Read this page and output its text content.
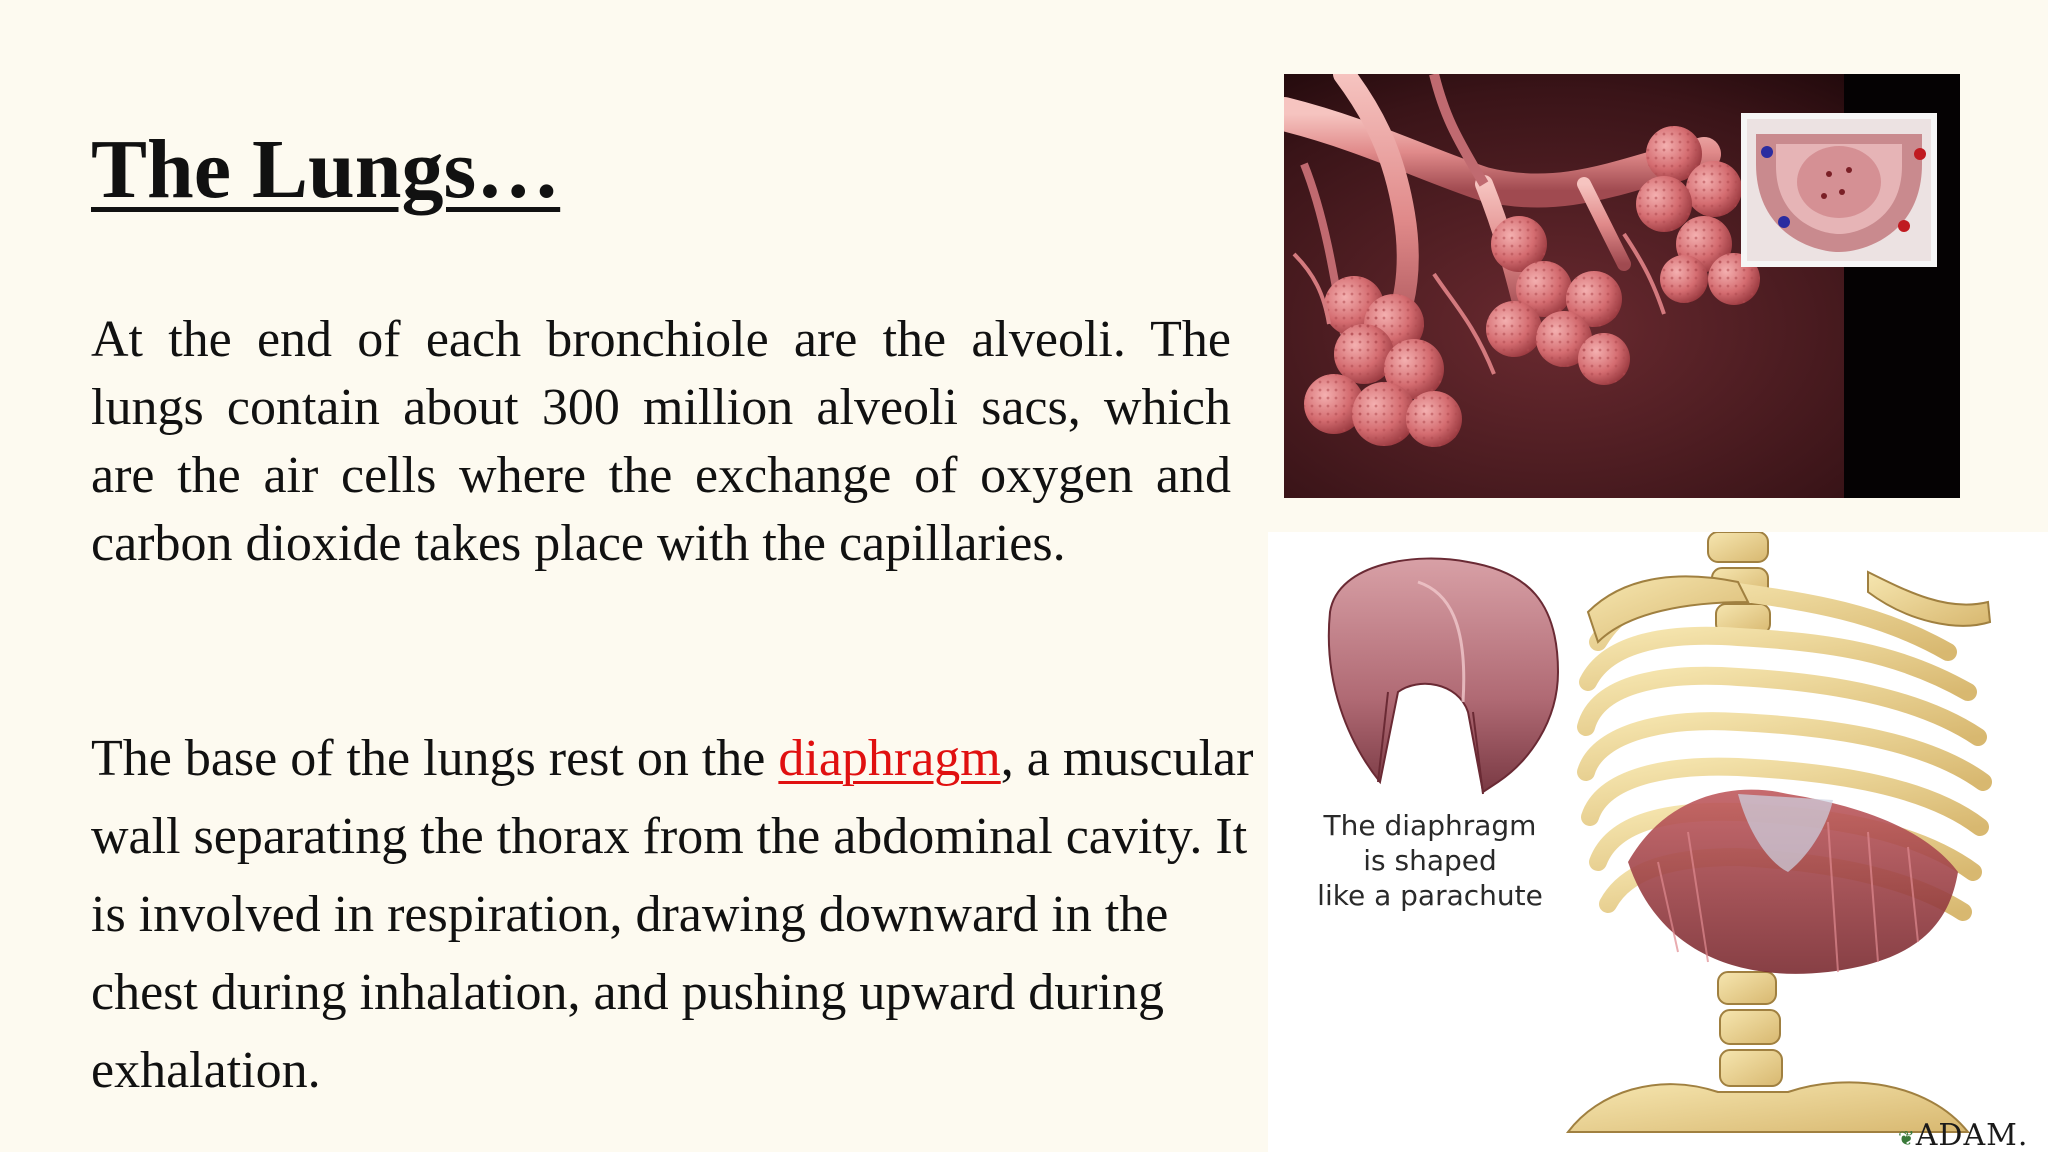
The Lungs…

At the end of each bronchiole are the alveoli. The lungs contain about 300 million alveoli sacs, which are the air cells where the exchange of oxygen and carbon dioxide takes place with the capillaries.

The base of the lungs rest on the diaphragm, a muscular wall separating the thorax from the abdominal cavity. It is involved in respiration, drawing downward in the chest during inhalation, and pushing upward during exhalation.

The diaphragm
is shaped
like a parachute
❦ADAM.
